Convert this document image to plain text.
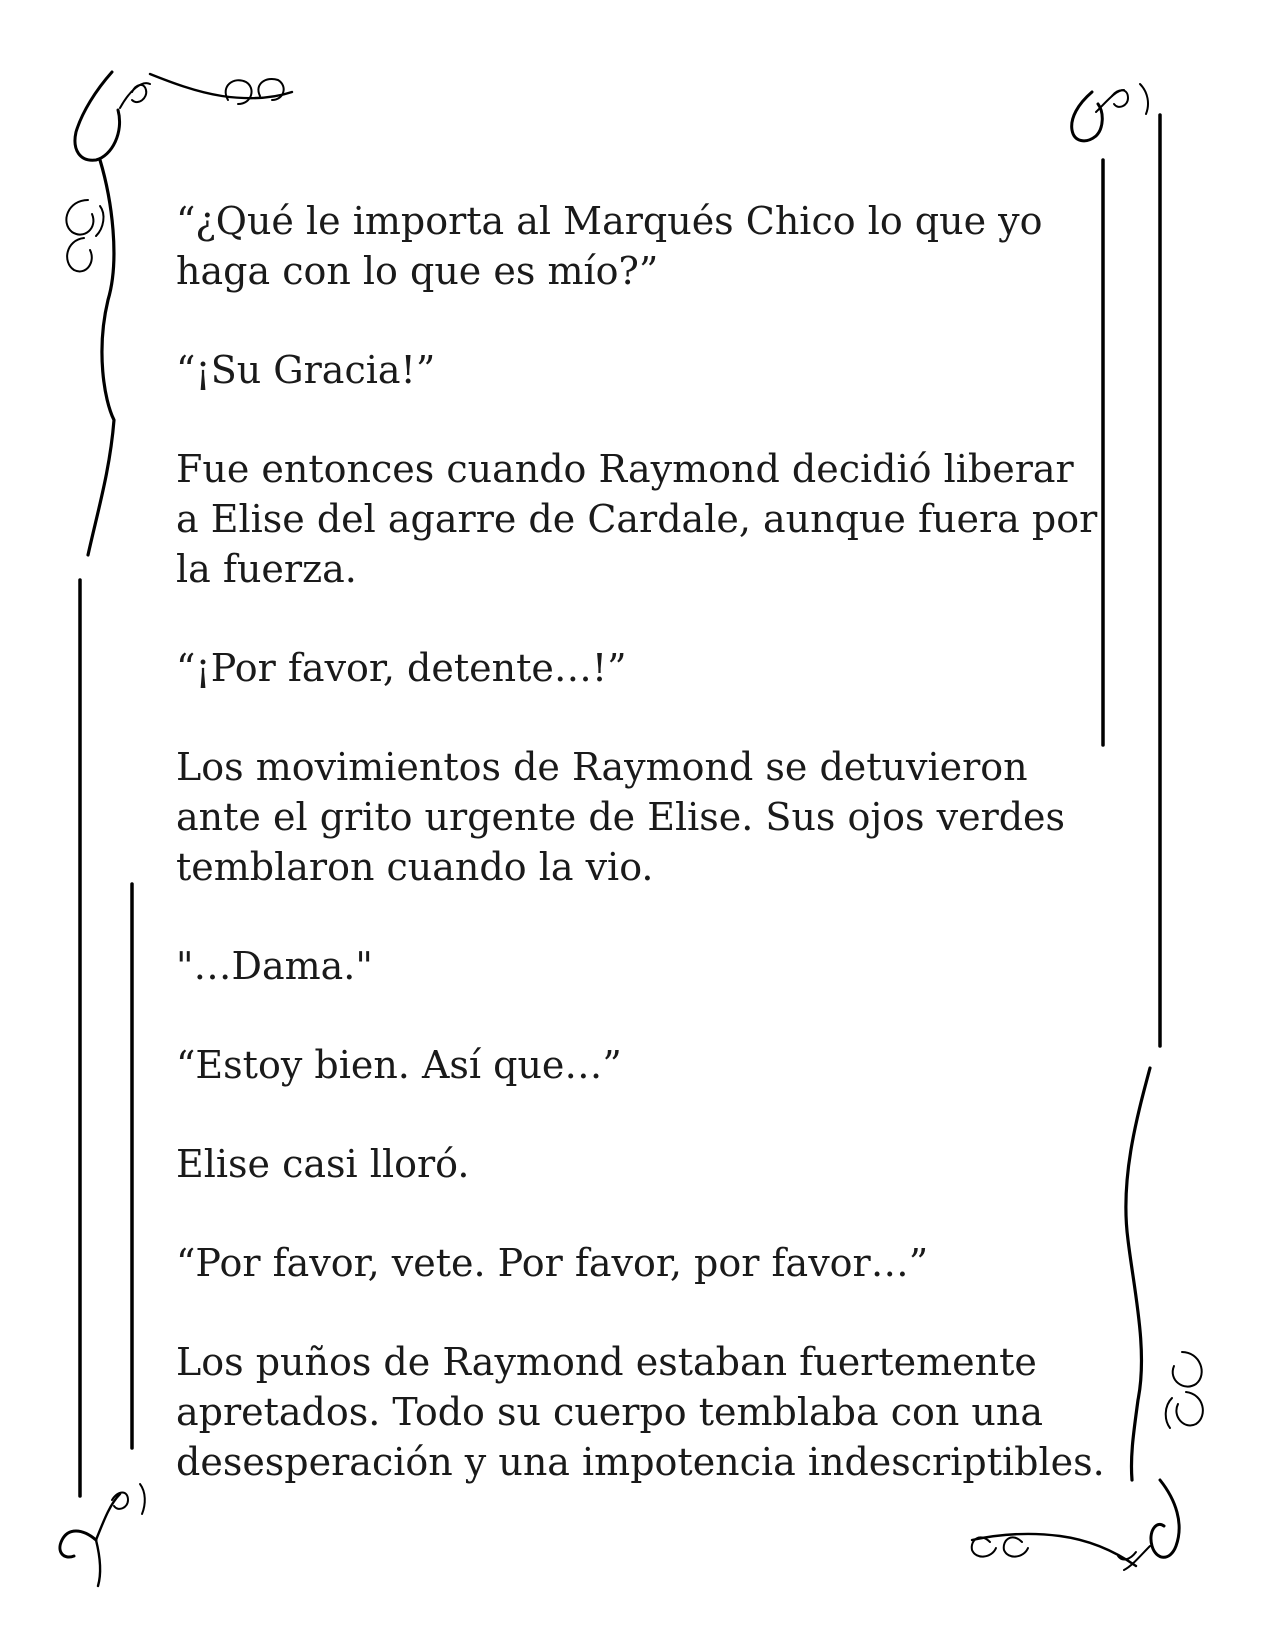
“¿Qué le importa al Marqués Chico lo que yo haga con lo que es mío?”

“¡Su Gracia!”

Fue entonces cuando Raymond decidió liberar a Elise del agarre de Cardale, aunque fuera por la fuerza.

“¡Por favor, detente…!”

Los movimientos de Raymond se detuvieron ante el grito urgente de Elise. Sus ojos verdes temblaron cuando la vio.

"…Dama."

“Estoy bien. Así que…”

Elise casi lloró.

“Por favor, vete. Por favor, por favor…”

Los puños de Raymond estaban fuertemente apretados. Todo su cuerpo temblaba con una desesperación y una impotencia indescriptibles.
